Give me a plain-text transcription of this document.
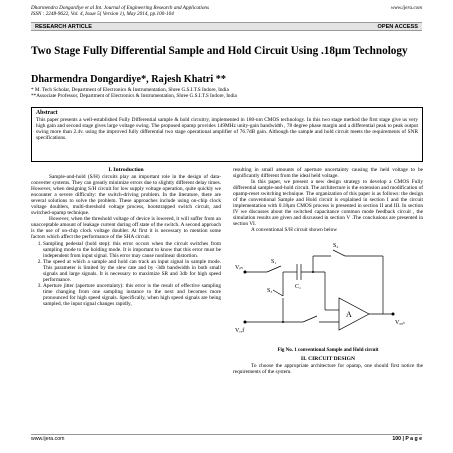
Dharmendra Dongardiye et al Int. Journal of Engineering Research and Applications
ISSN : 2248-9622, Vol. 4, Issue 5( Version 1), May 2014, pp.100-104
www.ijera.com
RESEARCH ARTICLE	OPEN ACCESS
Two Stage Fully Differential Sample and Hold Circuit Using .18µm Technology
Dharmendra Dongardiye*, Rajesh Khatri **
* M. Tech Scholar, Department of Electronics & Instrumentation, Shree G.S.I.T.S Indore, India
**Associate Professor, Department of Electronics & Instrumentation, Shree G.S.I.T.S Indore, India
Abstract
This paper presents a well-established Fully Differential sample & hold circuitry, implemented in 180-nm CMOS technology. In this two stage method the first stage give us very high gain and second stage gives large voltage swing. The proposed opamp provides 149MHz unity-gain bandwidth , 78 degree phase margin and a differential peak to peak output swing more than 2.4v. using the improved fully differential two stage operational amplifier of 76.7dB gain. Although the sample and hold circuit meets the requirements of SNR specifications.
I. Introduction

Sample-and-hold (S/H) circuits play an important role in the design of data-converter systems. They can greatly minimize errors due to slightly different delay times. However, when designing S/H circuit for low supply voltage operation, quite quickly we encounter a severe difficulty: the switch-driving problem. In the literature, there are several solutions to solve the problem. These approaches include using on-chip clock voltage doublers, multi-threshold voltage process, bootstrapped switch circuit, and switched-opamp technique.

However, when the threshold voltage of device is lowered, it will suffer from an unacceptable amount of leakage current during off state of the switch. A second approach is the use of on-chip clock voltage doubler. At first it is necessary to mention some factors which affect the performance of the SHA circuit.

1. Sampling pedestal (hold step): this error occurs when the circuit switches from sampling mode to the holding mode. It is important to know that this error must be independent from input signal. This error may cause nonlinear distortion.
2. The speed at which a sample and hold can track an input signal in sample mode. This parameter is limited by the slew rate and by -3db bandwidth in both small signals and large signals. It is necessary to maximize SR and 3db for high speed performance.
3. Aperture jitter (aperture uncertainty): this error is the result of effective sampling time changing from one sampling instance to the next and becomes more pronounced for high speed signals. Specifically, when high speed signals are being sampled, the input signal changes rapidly,

resulting in small amounts of aperture uncertainty causing the held voltage to be significantly different from the ideal held voltage.

In this paper, we present a new design strategy to develop a CMOS Fully differential sample-and-hold circuit. The architecture is the extension and modification of opamp-reset switching technique. The organization of this paper is as follows: the design of the conventional Sample and Hold circuit is explained in section I and the circuit implementation with 0.18µm CMOS process is presented in section II and III. In section IV we discusses about the switched capacitance common mode feedback circuit , the simulation results are given and discussed in section V .The conclusions are presented in section VI.

A conventional S/H circuit shown below

Vᵢₙ
Vᵣₑf
S₁
S₂
S₃
C₁
A
V₀ᵤₜ
Fig No. 1 conventional Sample and Hold circuit
II. CIRCUIT DESIGN

To choose the appropriate architecture for opamp, one should first notice the requirements of the system.

www.ijera.com	100 | P a g e
